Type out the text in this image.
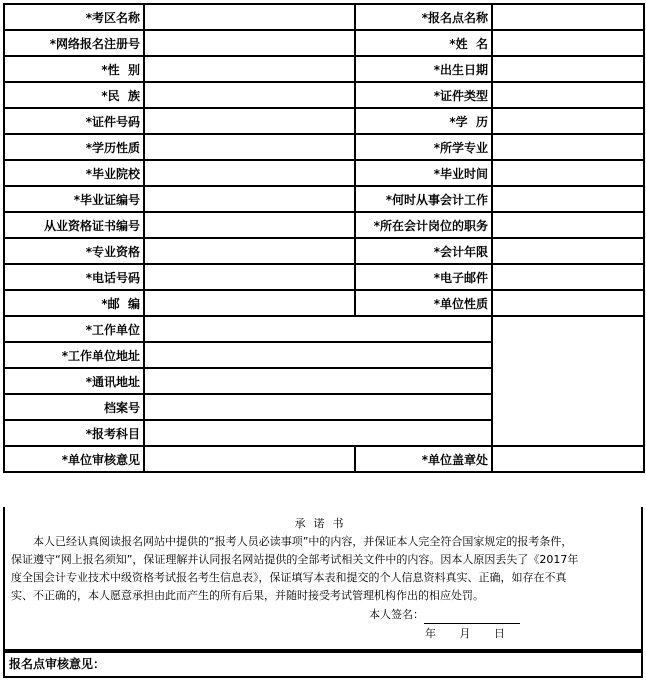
*考区名称		*报名点名称	
*网络报名注册号		*姓  名	
*性  别		*出生日期	
*民  族		*证件类型	
*证件号码		*学  历	
*学历性质		*所学专业	
*毕业院校		*毕业时间	
*毕业证编号		*何时从事会计工作	
从业资格证书编号		*所在会计岗位的职务	
*专业资格		*会计年限	
*电话号码		*电子邮件	
*邮  编		*单位性质	
*工作单位			
*工作单位地址			
*通讯地址			
档案号			
*报考科目			
*单位审核意见		*单位盖章处	
承诺书
本人已经认真阅读报名网站中提供的“报考人员必读事项”中的内容，并保证本人完全符合国家规定的报考条件，
保证遵守“网上报名须知”，保证理解并认同报名网站提供的全部考试相关文件中的内容。因本人原因丢失了《2017年
度全国会计专业技术中级资格考试报名考生信息表》，保证填写本表和提交的个人信息资料真实、正确，如存在不真
实、不正确的，本人愿意承担由此而产生的所有后果，并随时接受考试管理机构作出的相应处罚。
本人签名：
年 月 日
报名点审核意见：
